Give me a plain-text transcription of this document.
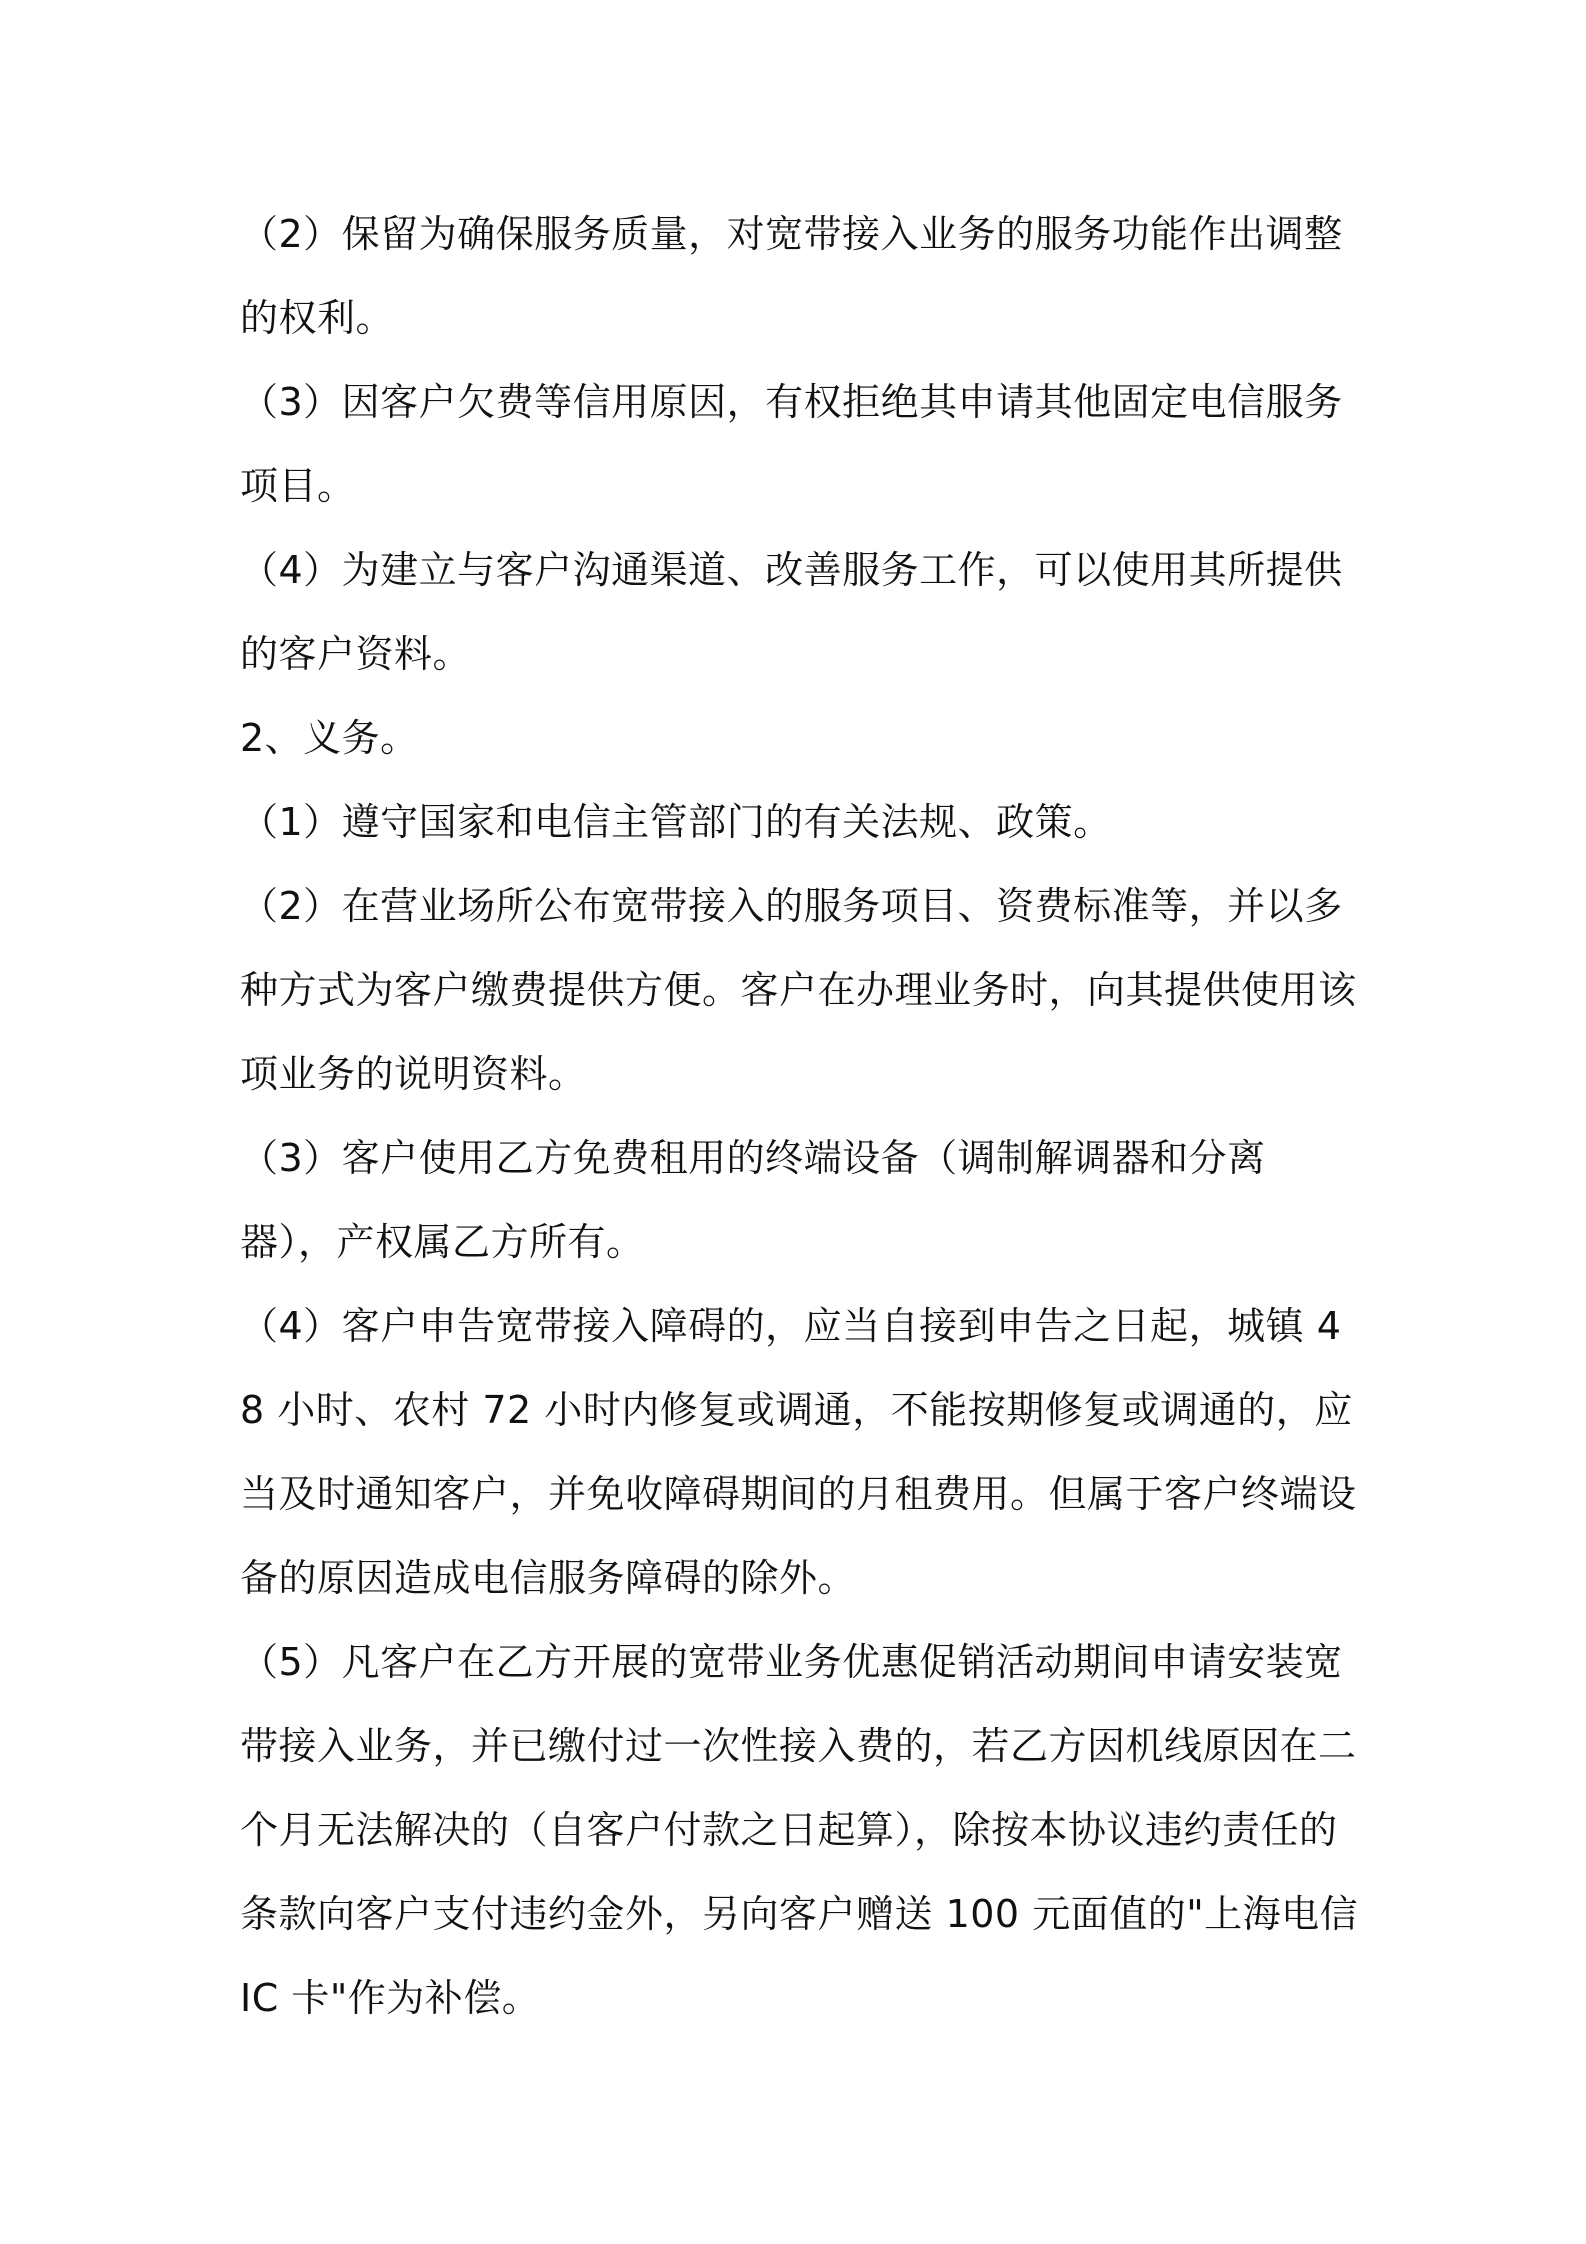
（2）保留为确保服务质量，对宽带接入业务的服务功能作出调整的权利。

（3）因客户欠费等信用原因，有权拒绝其申请其他固定电信服务项目。

（4）为建立与客户沟通渠道、改善服务工作，可以使用其所提供的客户资料。

2、义务。

（1）遵守国家和电信主管部门的有关法规、政策。

（2）在营业场所公布宽带接入的服务项目、资费标准等，并以多种方式为客户缴费提供方便。客户在办理业务时，向其提供使用该项业务的说明资料。

（3）客户使用乙方免费租用的终端设备（调制解调器和分离器），产权属乙方所有。

（4）客户申告宽带接入障碍的，应当自接到申告之日起，城镇 48 小时、农村 72 小时内修复或调通，不能按期修复或调通的，应当及时通知客户，并免收障碍期间的月租费用。但属于客户终端设备的原因造成电信服务障碍的除外。

（5）凡客户在乙方开展的宽带业务优惠促销活动期间申请安装宽带接入业务，并已缴付过一次性接入费的，若乙方因机线原因在二个月无法解决的（自客户付款之日起算），除按本协议违约责任的条款向客户支付违约金外，另向客户赠送 100 元面值的"上海电信 IC 卡"作为补偿。
